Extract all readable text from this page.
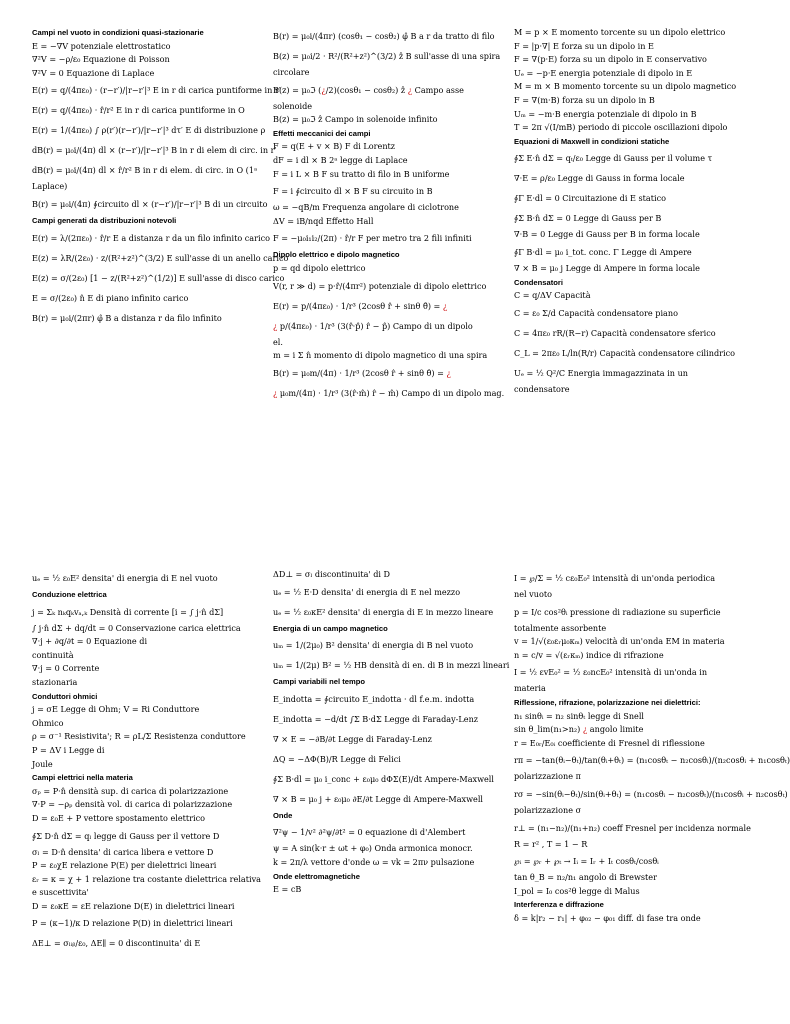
Campi nel vuoto in condizioni quasi-stazionarie
E = −∇V potenziale elettrostatico
∇²V = −ρ/ε₀ Equazione di Poisson
∇²V = 0 Equazione di Laplace
E(r) = q/(4πε₀) · (r−r′)/|r−r′|³ E in r di carica puntiforme in r′
E(r) = q/(4πε₀) · r̂/r² E in r di carica puntiforme in O
E(r) = 1/(4πε₀) ∫ ρ(r′)(r−r′)/|r−r′|³ dτ′ E di distribuzione ρ
dB(r) = μ₀i/(4π) dl × (r−r′)/|r−r′|³ B in r di elem di circ. in r′
dB(r) = μ₀i/(4π) dl × r̂/r² B in r di elem. di circ. in O (1ᵃ
Laplace)
B(r) = μ₀i/(4π) ∮circuito dl × (r−r′)/|r−r′|³ B di un circuito
Campi generati da distribuzioni notevoli
E(r) = λ/(2πε₀) · r̂/r E a distanza r da un filo infinito carico
E(z) = λR/(2ε₀) · z/(R²+z²)^(3/2) E sull'asse di un anello carico
E(z) = σ/(2ε₀) [1 − z/(R²+z²)^(1/2)] E sull'asse di disco carico
E = σ/(2ε₀) n̂ E di piano infinito carico
B(r) = μ₀i/(2πr) φ̂ B a distanza r da filo infinito
B(r) = μ₀i/(4πr) (cosθ₁ − cosθ₂) φ̂ B a r da tratto di filo
B(z) = μ₀i/2 · R²/(R²+z²)^(3/2) ẑ B sull'asse di una spira
circolare
B(z) = μ₀ℑ (¿/2)(cosθ₁ − cosθ₂) ẑ ¿ Campo asse
solenoide
B(z) = μ₀ℑ ẑ Campo in solenoide infinito
Effetti meccanici dei campi
F = q(E + v × B) F di Lorentz
dF = i dl × B 2ᵃ legge di Laplace
F = i L × B F su tratto di filo in B uniforme
F = i ∮circuito dl × B F su circuito in B
ω = −qB/m Frequenza angolare di ciclotrone
ΔV = iB/nqd Effetto Hall
F = −μ₀i₁i₂/(2π) · r̂/r F per metro tra 2 fili infiniti
Dipolo elettrico e dipolo magnetico
p = qd dipolo elettrico
V(r, r ≫ d) = p·r̂/(4πr²) potenziale di dipolo elettrico
E(r) = p/(4πε₀) · 1/r³ (2cosθ r̂ + sinθ θ̂) = ¿
¿ p/(4πε₀) · 1/r³ (3(r̂·p̂) r̂ − p̂) Campo di un dipolo
el.
m = i Σ n̂ momento di dipolo magnetico di una spira
B(r) = μ₀m/(4π) · 1/r³ (2cosθ r̂ + sinθ θ̂) = ¿
¿ μ₀m/(4π) · 1/r³ (3(r̂·m̂) r̂ − m̂) Campo di un dipolo mag.
M = p × E momento torcente su un dipolo elettrico
F = |p·∇| E forza su un dipolo in E
F = ∇(p·E) forza su un dipolo in E conservativo
Uₑ = −p·E energia potenziale di dipolo in E
M = m × B momento torcente su un dipolo magnetico
F = ∇(m·B) forza su un dipolo in B
Uₘ = −m·B energia potenziale di dipolo in B
T = 2π √(I/mB) periodo di piccole oscillazioni dipolo
Equazioni di Maxwell in condizioni statiche
∮Σ E·n̂ dΣ = qₜ/ε₀ Legge di Gauss per il volume τ
∇·E = ρ/ε₀ Legge di Gauss in forma locale
∮Γ E·dl = 0 Circuitazione di E statico
∮Σ B·n̂ dΣ = 0 Legge di Gauss per B
∇·B = 0 Legge di Gauss per B in forma locale
∮Γ B·dl = μ₀ i_tot. conc. Γ Legge di Ampere
∇ × B = μ₀ j Legge di Ampere in forma locale
Condensatori
C = q/ΔV Capacità
C = ε₀ Σ/d Capacità condensatore piano
C = 4πε₀ rR/(R−r) Capacità condensatore sferico
C_L = 2πε₀ L/ln(R/r) Capacità condensatore cilindrico
Uₑ = ½ Q²/C Energia immagazzinata in un
condensatore
uₑ = ½ ε₀E² densita' di energia di E nel vuoto
Conduzione elettrica
j = Σₖ nₖqₖvₐ,ₖ Densità di corrente [i = ∫ j·n̂ dΣ]
∫ j·n̂ dΣ + dq/dt = 0 Conservazione carica elettrica
∇·j + ∂q/∂t = 0 Equazione di
continuità
∇·j = 0 Corrente
stazionaria
Conduttori ohmici
j = σE Legge di Ohm; V = Ri Conduttore
Ohmico
ρ = σ⁻¹ Resistivita'; R = ρL/Σ Resistenza conduttore
P = ΔV i Legge di
Joule
Campi elettrici nella materia
σₚ = P·n̂ densità sup. di carica di polarizzazione
∇·P = −ρₚ densità vol. di carica di polarizzazione
D = ε₀E + P vettore spostamento elettrico
∮Σ D·n̂ dΣ = qₗ legge di Gauss per il vettore D
σₗ = D·n̂ densita' di carica libera e vettore D
P = ε₀χE relazione P(E) per dielettrici lineari
εᵣ = κ = χ + 1 relazione tra costante dielettrica relativa
e suscettivita'
D = ε₀κE = εE relazione D(E) in dielettrici lineari
P = (κ−1)/κ D relazione P(D) in dielettrici lineari
ΔE⊥ = σₗᵢᵦ/ε₀, ΔE∥ = 0 discontinuita' di E
ΔD⊥ = σₗ discontinuita' di D
uₑ = ½ E·D densita' di energia di E nel mezzo
uₑ = ½ ε₀κE² densita' di energia di E in mezzo lineare
Energia di un campo magnetico
uₘ = 1/(2μ₀) B² densita' di energia di B nel vuoto
uₘ = 1/(2μ) B² = ½ HB densità di en. di B in mezzi lineari
Campi variabili nel tempo
E_indotta = ∮circuito E_indotta · dl f.e.m. indotta
E_indotta = −d/dt ∫Σ B·dΣ Legge di Faraday-Lenz
∇ × E = −∂B/∂t Legge di Faraday-Lenz
ΔQ = −ΔΦ(B)/R Legge di Felici
∮Σ B·dl = μ₀ i_conc + ε₀μ₀ dΦΣ(E)/dt Ampere-Maxwell
∇ × B = μ₀ j + ε₀μ₀ ∂E/∂t Legge di Ampere-Maxwell
Onde
∇²ψ − 1/v² ∂²ψ/∂t² = 0 equazione di d'Alembert
ψ = A sin(k·r ± ωt + φ₀) Onda armonica monocr.
k = 2π/λ vettore d'onde ω = vk = 2πν pulsazione
Onde elettromagnetiche
E = cB
I = ℘/Σ = ½ cε₀E₀² intensità di un'onda periodica
nel vuoto
p = I/c cos²θᵢ pressione di radiazione su superficie
totalmente assorbente
v = 1/√(ε₀εᵣμ₀κₘ) velocità di un'onda EM in materia
n = c/v = √(εᵣκₘ) indice di rifrazione
I = ½ εvE₀² = ½ ε₀ncE₀² intensità di un'onda in
materia
Riflessione, rifrazione, polarizzazione nei dielettrici:
n₁ sinθᵢ = n₂ sinθₜ legge di Snell
sin θ_lim(n₁>n₂) ¿ angolo limite
r = E₀ᵣ/E₀ᵢ coefficiente di Fresnel di riflessione
rπ = −tan(θᵢ−θₜ)/tan(θᵢ+θₜ) = (n₁cosθₜ − n₂cosθᵢ)/(n₂cosθᵢ + n₁cosθₜ)
polarizzazione π
rσ = −sin(θᵢ−θₜ)/sin(θᵢ+θₜ) = (n₁cosθᵢ − n₂cosθₜ)/(n₁cosθᵢ + n₂cosθₜ)
polarizzazione σ
r⊥ = (n₁−n₂)/(n₁+n₂) coeff Fresnel per incidenza normale
R = r² , T = 1 − R
℘ᵢ = ℘ᵣ + ℘ₜ → Iᵢ = Iᵣ + Iₜ cosθₜ/cosθᵢ
tan θ_B = n₂/n₁ angolo di Brewster
I_pol = I₀ cos²θ legge di Malus
Interferenza e diffrazione
δ = k|r₂ − r₁| + φ₀₂ − φ₀₁ diff. di fase tra onde
